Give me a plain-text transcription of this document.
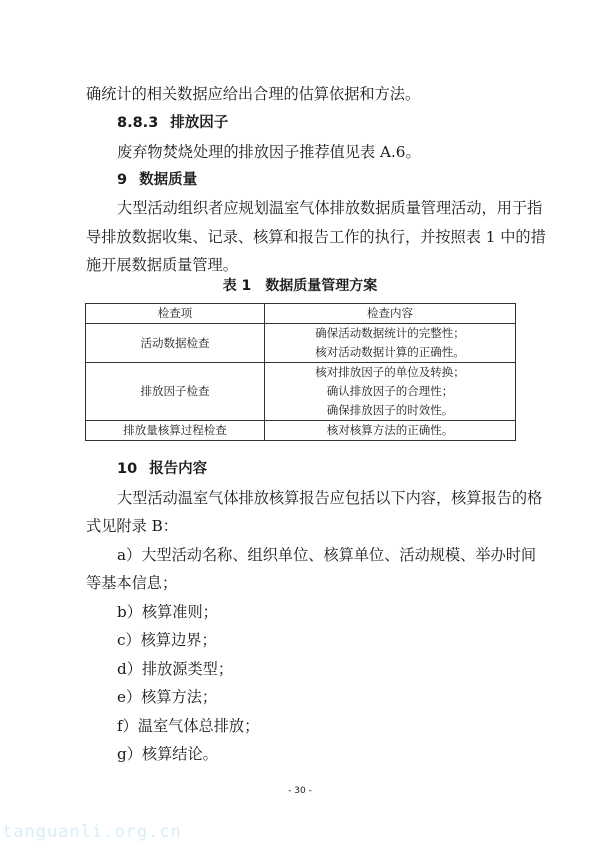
确统计的相关数据应给出合理的估算依据和方法。
8.8.3 排放因子
废弃物焚烧处理的排放因子推荐值见表 A.6。
9 数据质量
大型活动组织者应规划温室气体排放数据质量管理活动，用于指
导排放数据收集、记录、核算和报告工作的执行，并按照表 1 中的措
施开展数据质量管理。
表 1 数据质量管理方案
检查项	检查内容
活动数据检查	确保活动数据统计的完整性；
核对活动数据计算的正确性。

排放因子检查	核对排放因子的单位及转换；
确认排放因子的合理性；
确保排放因子的时效性。

排放量核算过程检查	核对核算方法的正确性。
10 报告内容
大型活动温室气体排放核算报告应包括以下内容，核算报告的格
式见附录 B：
a）大型活动名称、组织单位、核算单位、活动规模、举办时间
等基本信息；
b）核算准则；
c）核算边界；
d）排放源类型；
e）核算方法；
f）温室气体总排放；
g）核算结论。
- 30 -
tanguanli.org.cn
